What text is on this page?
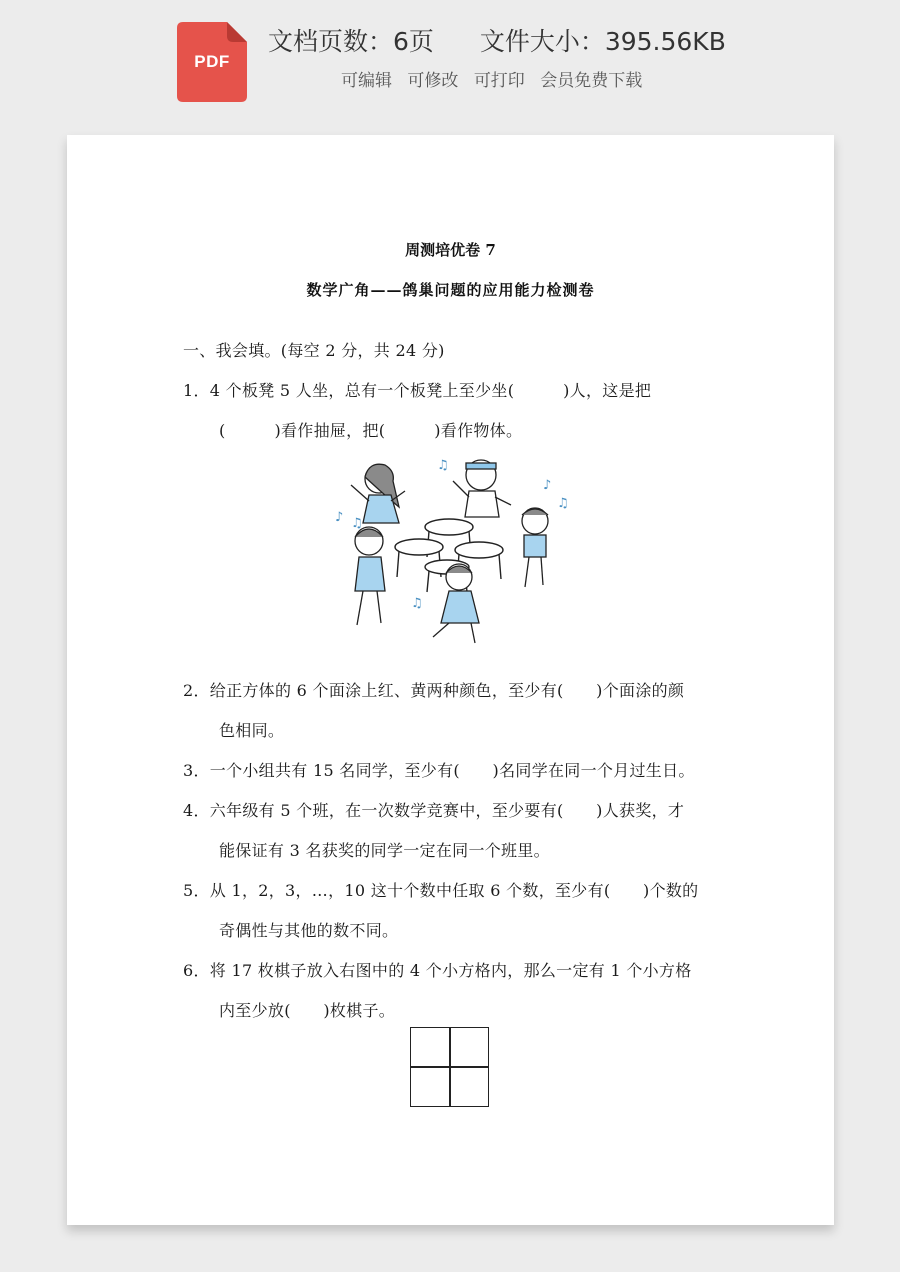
PDF
文档页数：6页 文件大小：395.56KB
可编辑 可修改 可打印 会员免费下载
周测培优卷 7
数学广角——鸽巢问题的应用能力检测卷
一、我会填。(每空 2 分，共 24 分)
1．4 个板凳 5 人坐，总有一个板凳上至少坐(　　　)人，这是把
(　　　)看作抽屉，把(　　　)看作物体。
♫
♪
♫
♪ ♫
♫
2．给正方体的 6 个面涂上红、黄两种颜色，至少有(　　)个面涂的颜
色相同。
3．一个小组共有 15 名同学，至少有(　　)名同学在同一个月过生日。
4．六年级有 5 个班，在一次数学竞赛中，至少要有(　　)人获奖，才
能保证有 3 名获奖的同学一定在同一个班里。
5．从 1，2，3，…，10 这十个数中任取 6 个数，至少有(　　)个数的
奇偶性与其他的数不同。
6．将 17 枚棋子放入右图中的 4 个小方格内，那么一定有 1 个小方格
内至少放(　　)枚棋子。
